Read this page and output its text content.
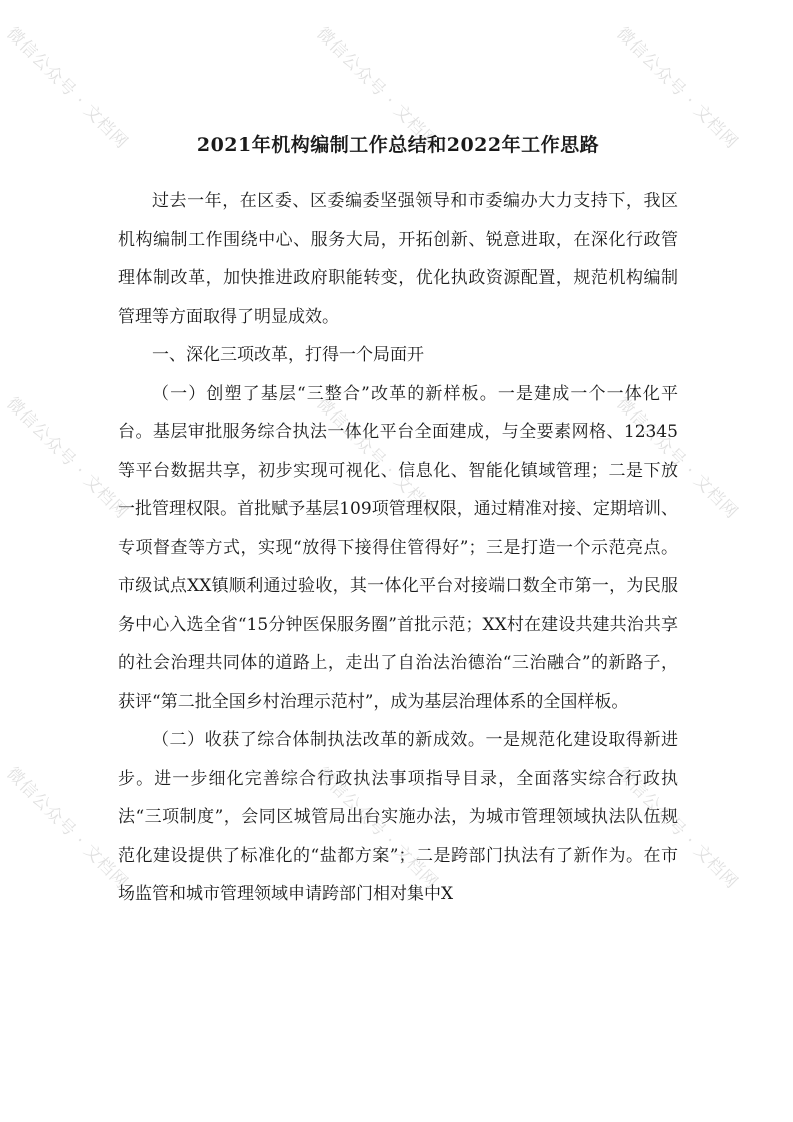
微信公众号 · 文档网
微信公众号 · 文档网
微信公众号 · 文档网
微信公众号 · 文档网
微信公众号 · 文档网
微信公众号 · 文档网
微信公众号 · 文档网
微信公众号 · 文档网
微信公众号 · 文档网
2021年机构编制工作总结和2022年工作思路

过去一年，在区委、区委编委坚强领导和市委编办大力支持下，我区机构编制工作围绕中心、服务大局，开拓创新、锐意进取，在深化行政管理体制改革，加快推进政府职能转变，优化执政资源配置，规范机构编制管理等方面取得了明显成效。

一、深化三项改革，打得一个局面开

（一）创塑了基层“三整合”改革的新样板。一是建成一个一体化平台。基层审批服务综合执法一体化平台全面建成，与全要素网格、12345等平台数据共享，初步实现可视化、信息化、智能化镇域管理；二是下放一批管理权限。首批赋予基层109项管理权限，通过精准对接、定期培训、专项督查等方式，实现“放得下接得住管得好”；三是打造一个示范亮点。市级试点XX镇顺利通过验收，其一体化平台对接端口数全市第一，为民服务中心入选全省“15分钟医保服务圈”首批示范；XX村在建设共建共治共享的社会治理共同体的道路上，走出了自治法治德治“三治融合”的新路子，获评“第二批全国乡村治理示范村”，成为基层治理体系的全国样板。

（二）收获了综合体制执法改革的新成效。一是规范化建设取得新进步。进一步细化完善综合行政执法事项指导目录，全面落实综合行政执法“三项制度”，会同区城管局出台实施办法，为城市管理领域执法队伍规范化建设提供了标准化的“盐都方案”；二是跨部门执法有了新作为。在市场监管和城市管理领域申请跨部门相对集中X
